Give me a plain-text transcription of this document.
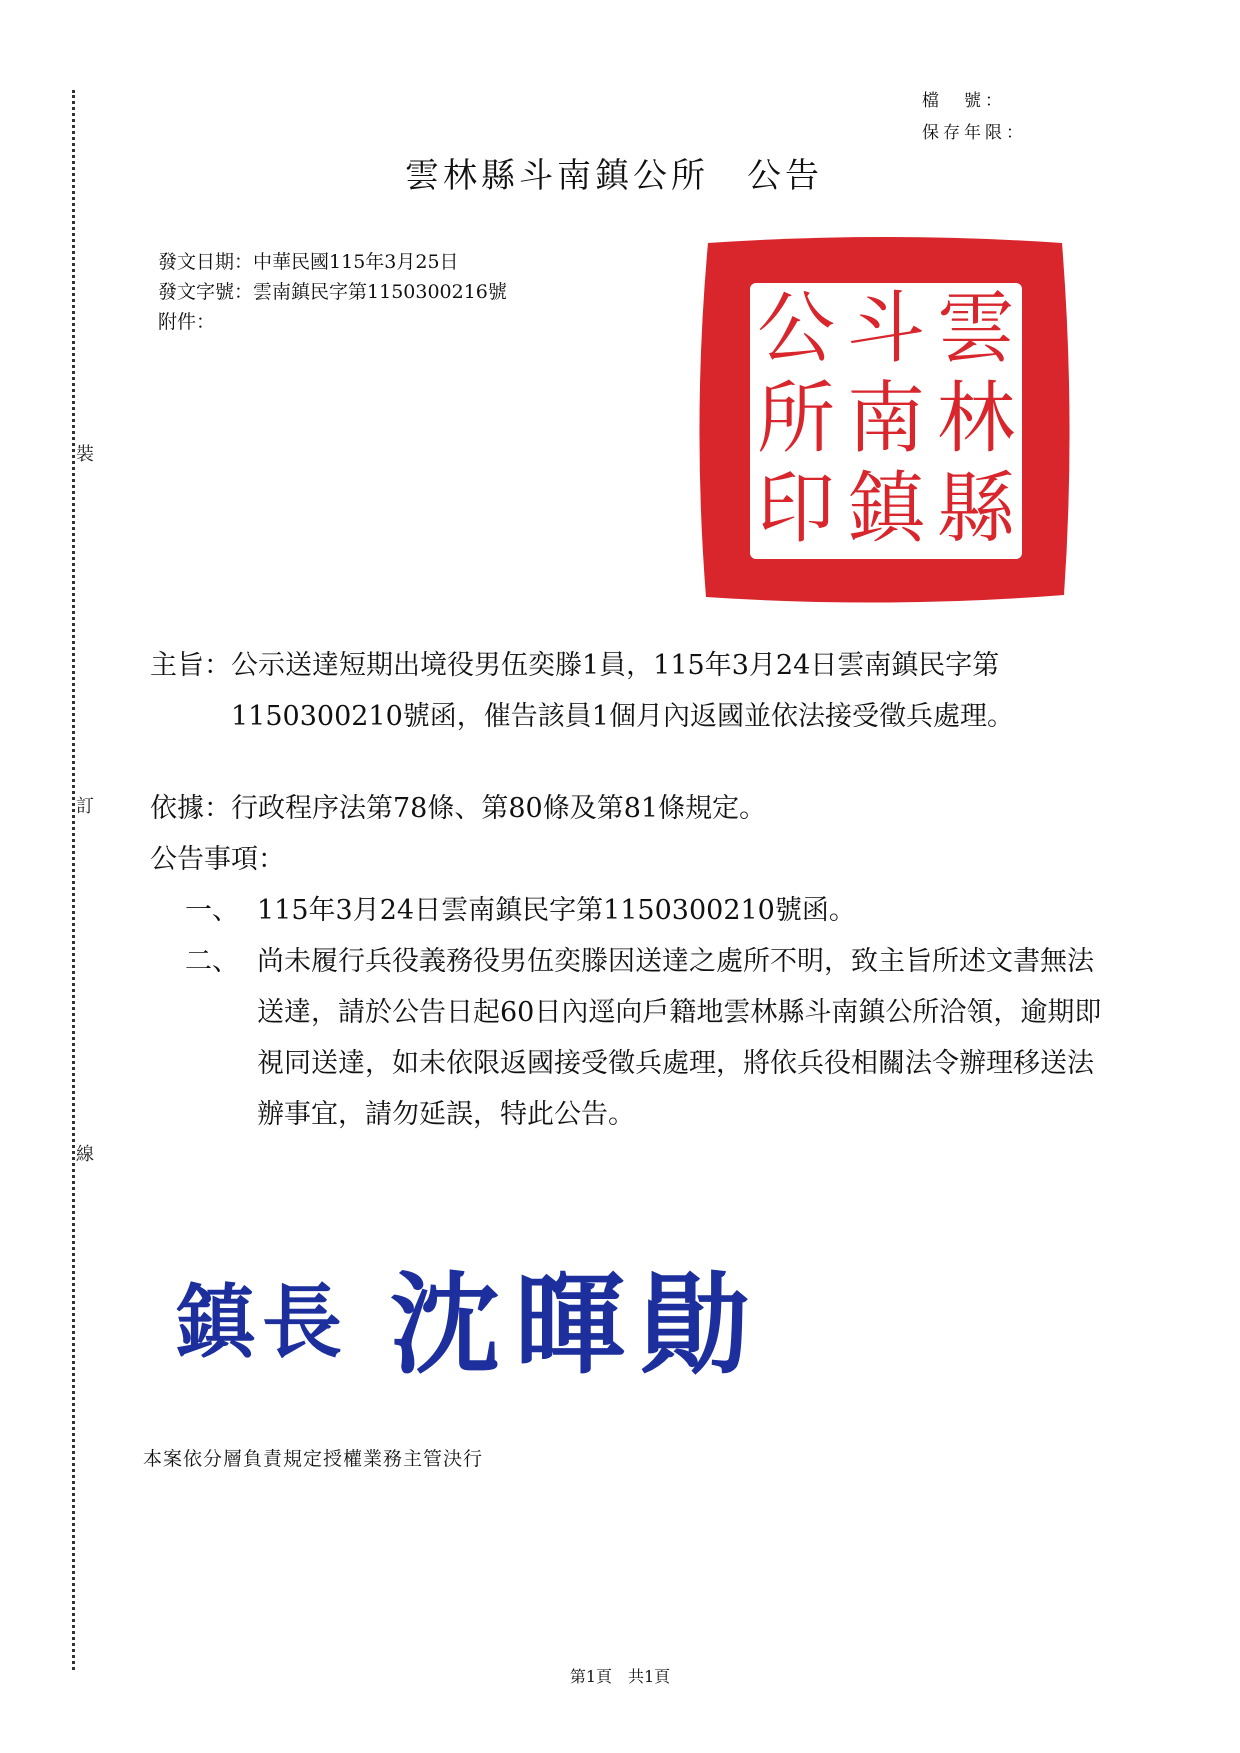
裝
訂
線
檔　號：
保存年限：
雲林縣斗南鎮公所　公告
發文日期：中華民國115年3月25日
發文字號：雲南鎮民字第1150300216號
附件：	雲
林
縣
斗
南
鎮
公
所
印
主旨： 公示送達短期出境役男伍奕滕1員，115年3月24日雲南鎮民字第1150300210號函，催告該員1個月內返國並依法接受徵兵處理。
依據： 行政程序法第78條、第80條及第81條規定。
公告事項：
一、 115年3月24日雲南鎮民字第1150300210號函。
二、 尚未履行兵役義務役男伍奕滕因送達之處所不明，致主旨所述文書無法送達，請於公告日起60日內逕向戶籍地雲林縣斗南鎮公所洽領，逾期即視同送達，如未依限返國接受徵兵處理，將依兵役相關法令辦理移送法辦事宜，請勿延誤，特此公告。
鎮 長 沈 暉 勛
本案依分層負責規定授權業務主管決行
第1頁　共1頁
